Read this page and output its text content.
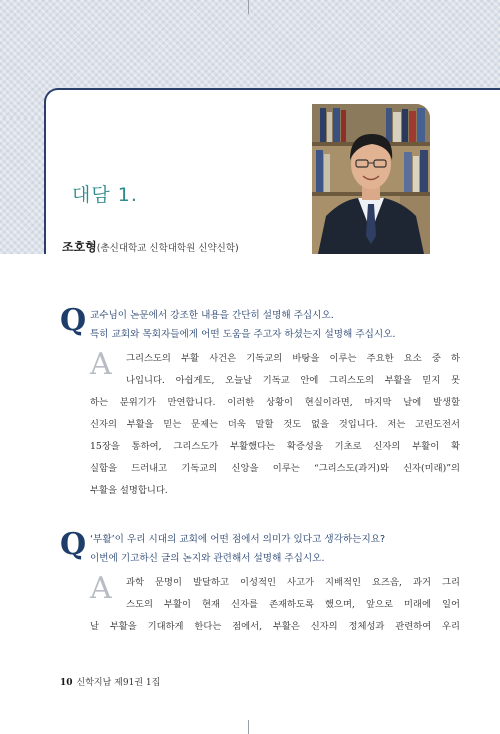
대담 1.
조호형(총신대학교 신학대학원 신약신학)
Q 교수님이 논문에서 강조한 내용을 간단히 설명해 주십시오.
특히 교회와 목회자들에게 어떤 도움을 주고자 하셨는지 설명해 주십시오.
A 그리스도의 부활 사건은 기독교의 바탕을 이루는 주요한 요소 중 하
나입니다. 아쉽게도, 오늘날 기독교 안에 그리스도의 부활을 믿지 못
하는 분위기가 만연합니다. 이러한 상황이 현실이라면, 마지막 날에 발생할
신자의 부활을 믿는 문제는 더욱 말할 것도 없을 것입니다. 저는 고린도전서
15장을 통하여, 그리스도가 부활했다는 확증성을 기초로 신자의 부활이 확
실함을 드러내고 기독교의 신앙을 이루는 “그리스도(과거)와 신자(미래)”의
부활을 설명합니다.
Q ‘부활’이 우리 시대의 교회에 어떤 점에서 의미가 있다고 생각하는지요?
이번에 기고하신 글의 논지와 관련해서 설명해 주십시오.
A 과학 문명이 발달하고 이성적인 사고가 지배적인 요즈음, 과거 그리
스도의 부활이 현재 신자를 존재하도록 했으며, 앞으로 미래에 일어
날 부활을 기대하게 한다는 점에서, 부활은 신자의 정체성과 관련하여 우리
10 신학지남 제91권 1집
